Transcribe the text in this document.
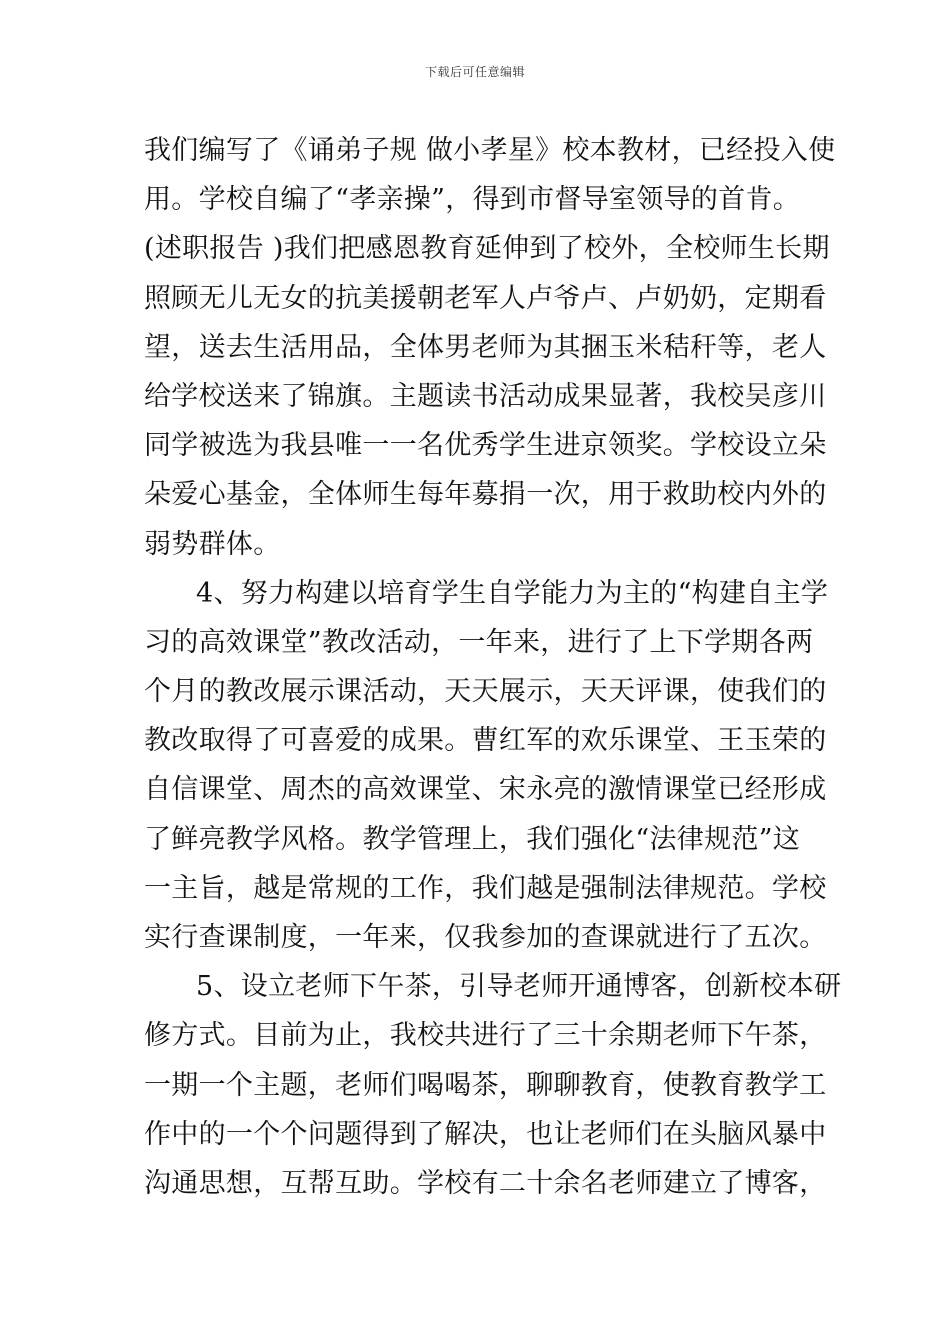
下载后可任意编辑
我们编写了《诵弟子规 做小孝星》校本教材，已经投入使
用。学校自编了“孝亲操”，得到市督导室领导的首肯。
(述职报告 )我们把感恩教育延伸到了校外，全校师生长期
照顾无儿无女的抗美援朝老军人卢爷卢、卢奶奶，定期看
望，送去生活用品，全体男老师为其捆玉米秸秆等，老人
给学校送来了锦旗。主题读书活动成果显著，我校吴彦川
同学被选为我县唯一一名优秀学生进京领奖。学校设立朵
朵爱心基金，全体师生每年募捐一次，用于救助校内外的
弱势群体。
4、努力构建以培育学生自学能力为主的“构建自主学
习的高效课堂”教改活动，一年来，进行了上下学期各两
个月的教改展示课活动，天天展示，天天评课，使我们的
教改取得了可喜爱的成果。曹红军的欢乐课堂、王玉荣的
自信课堂、周杰的高效课堂、宋永亮的激情课堂已经形成
了鲜亮教学风格。教学管理上，我们强化“法律规范”这
一主旨，越是常规的工作，我们越是强制法律规范。学校
实行查课制度，一年来，仅我参加的查课就进行了五次。
5、设立老师下午茶，引导老师开通博客，创新校本研
修方式。目前为止，我校共进行了三十余期老师下午茶，
一期一个主题，老师们喝喝茶，聊聊教育，使教育教学工
作中的一个个问题得到了解决，也让老师们在头脑风暴中
沟通思想，互帮互助。学校有二十余名老师建立了博客，
